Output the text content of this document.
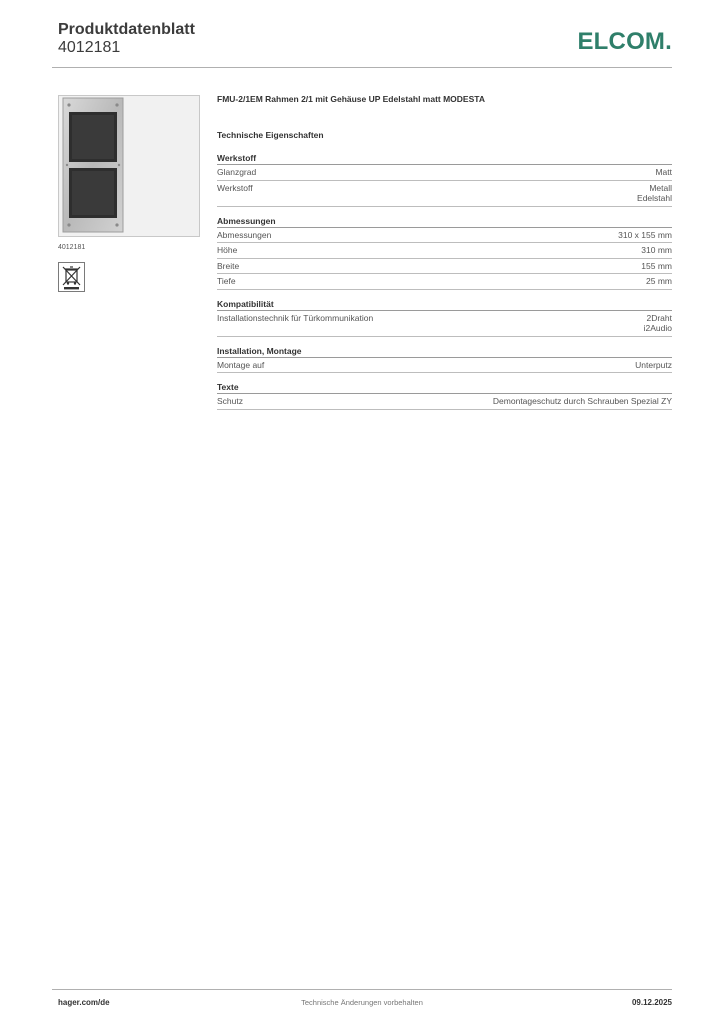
Produktdatenblatt
4012181	ELCOM.
4012181
FMU-2/1EM Rahmen 2/1 mit Gehäuse UP Edelstahl matt MODESTA
Technische Eigenschaften
Werkstoff
Glanzgrad	Matt
Werkstoff	Metall
Edelstahl
Abmessungen
Abmessungen	310 x 155 mm
Höhe	310 mm
Breite	155 mm
Tiefe	25 mm
Kompatibilität
Installationstechnik für Türkommunikation	2Draht
i2Audio
Installation, Montage
Montage auf	Unterputz
Texte
Schutz	Demontageschutz durch Schrauben Spezial ZY
hager.com/de	Technische Änderungen vorbehalten	09.12.2025
